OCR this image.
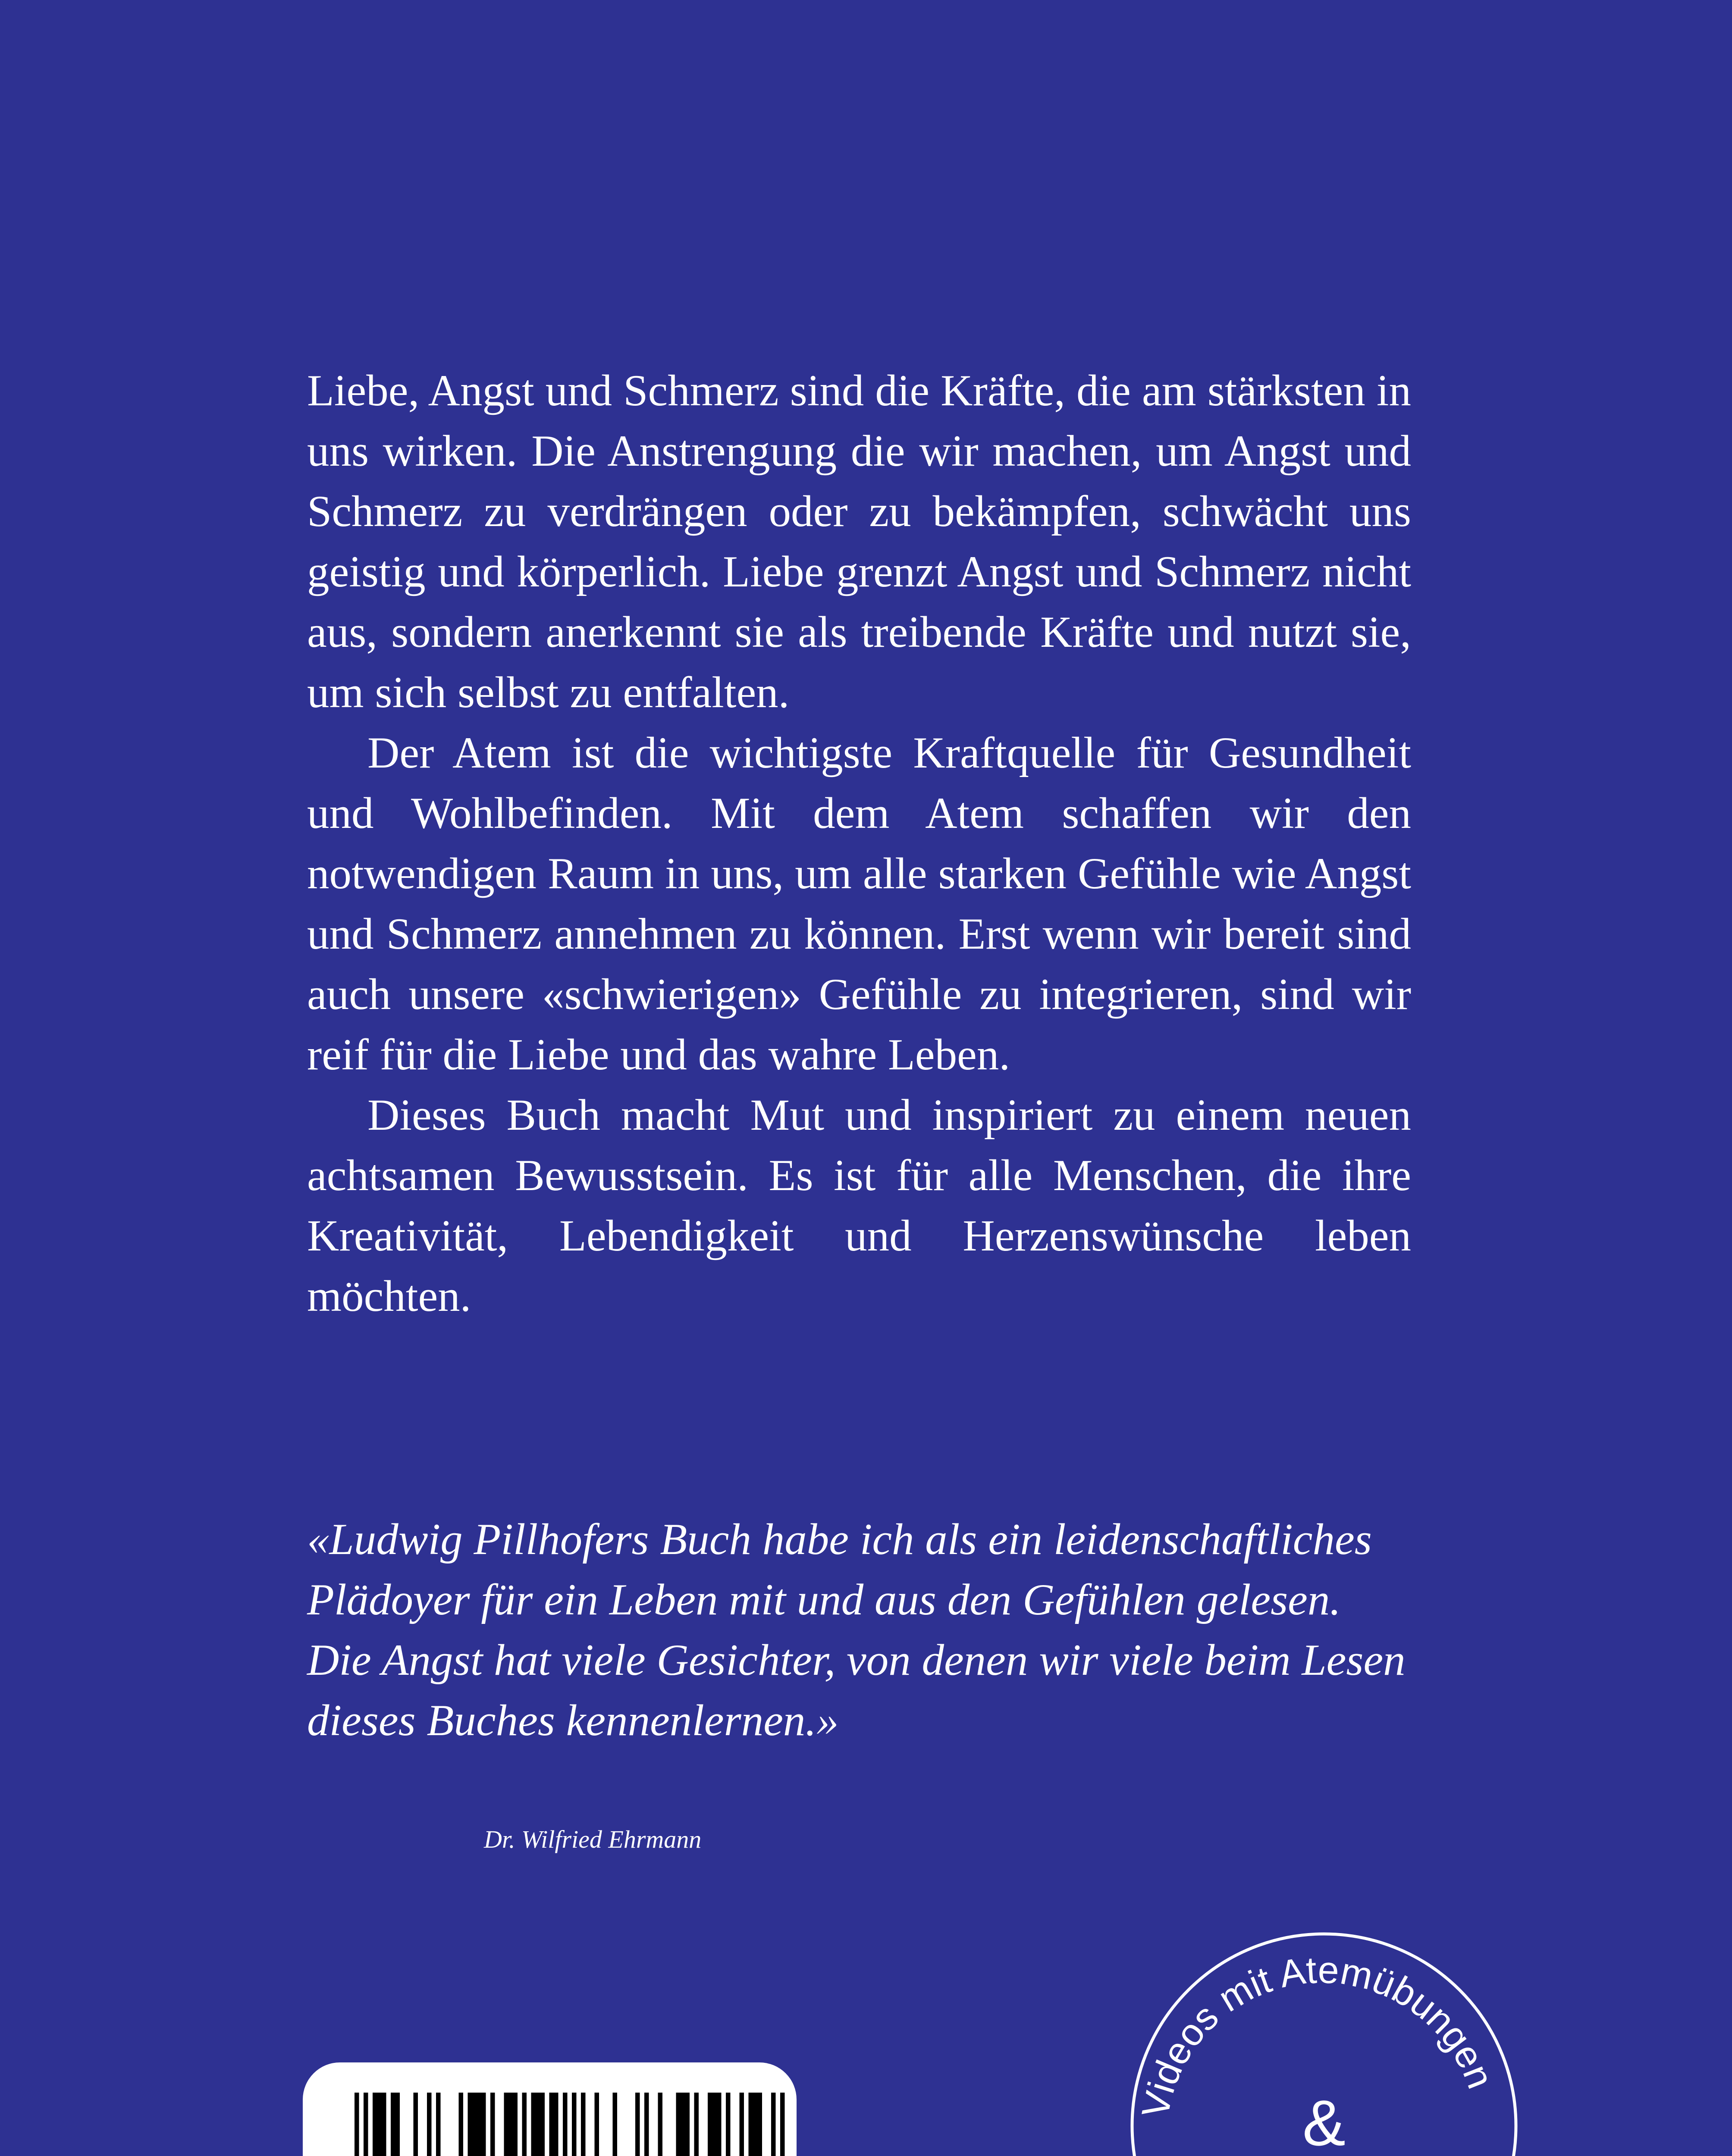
Liebe, Angst und Schmerz sind die Kräfte, die am stärksten in uns wirken. Die Anstrengung die wir machen, um Angst und Schmerz zu verdrängen oder zu bekämpfen, schwächt uns geistig und körperlich. Liebe grenzt Angst und Schmerz nicht aus, sondern anerkennt sie als treibende Kräfte und nutzt sie, um sich selbst zu entfalten.

Der Atem ist die wichtigste Kraftquelle für Gesundheit und Wohlbefinden. Mit dem Atem schaffen wir den notwendigen Raum in uns, um alle starken Gefühle wie Angst und Schmerz annehmen zu können. Erst wenn wir bereit sind auch unsere «schwierigen» Gefühle zu integrieren, sind wir reif für die Liebe und das wahre Leben.

Dieses Buch macht Mut und inspiriert zu einem neuen achtsamen Bewusstsein. Es ist für alle Menschen, die ihre Kreativität, Lebendigkeit und Herzenswünsche leben möchten.

«Ludwig Pillhofers Buch habe ich als ein leidenschaftliches Plädoyer für ein Leben mit und aus den Gefühlen gelesen. Die Angst hat viele Gesichter, von denen wir viele beim Lesen dieses Buches kennenlernen.»
Dr. Wilfried Ehrmann
Videos mit Atemübungen
&
